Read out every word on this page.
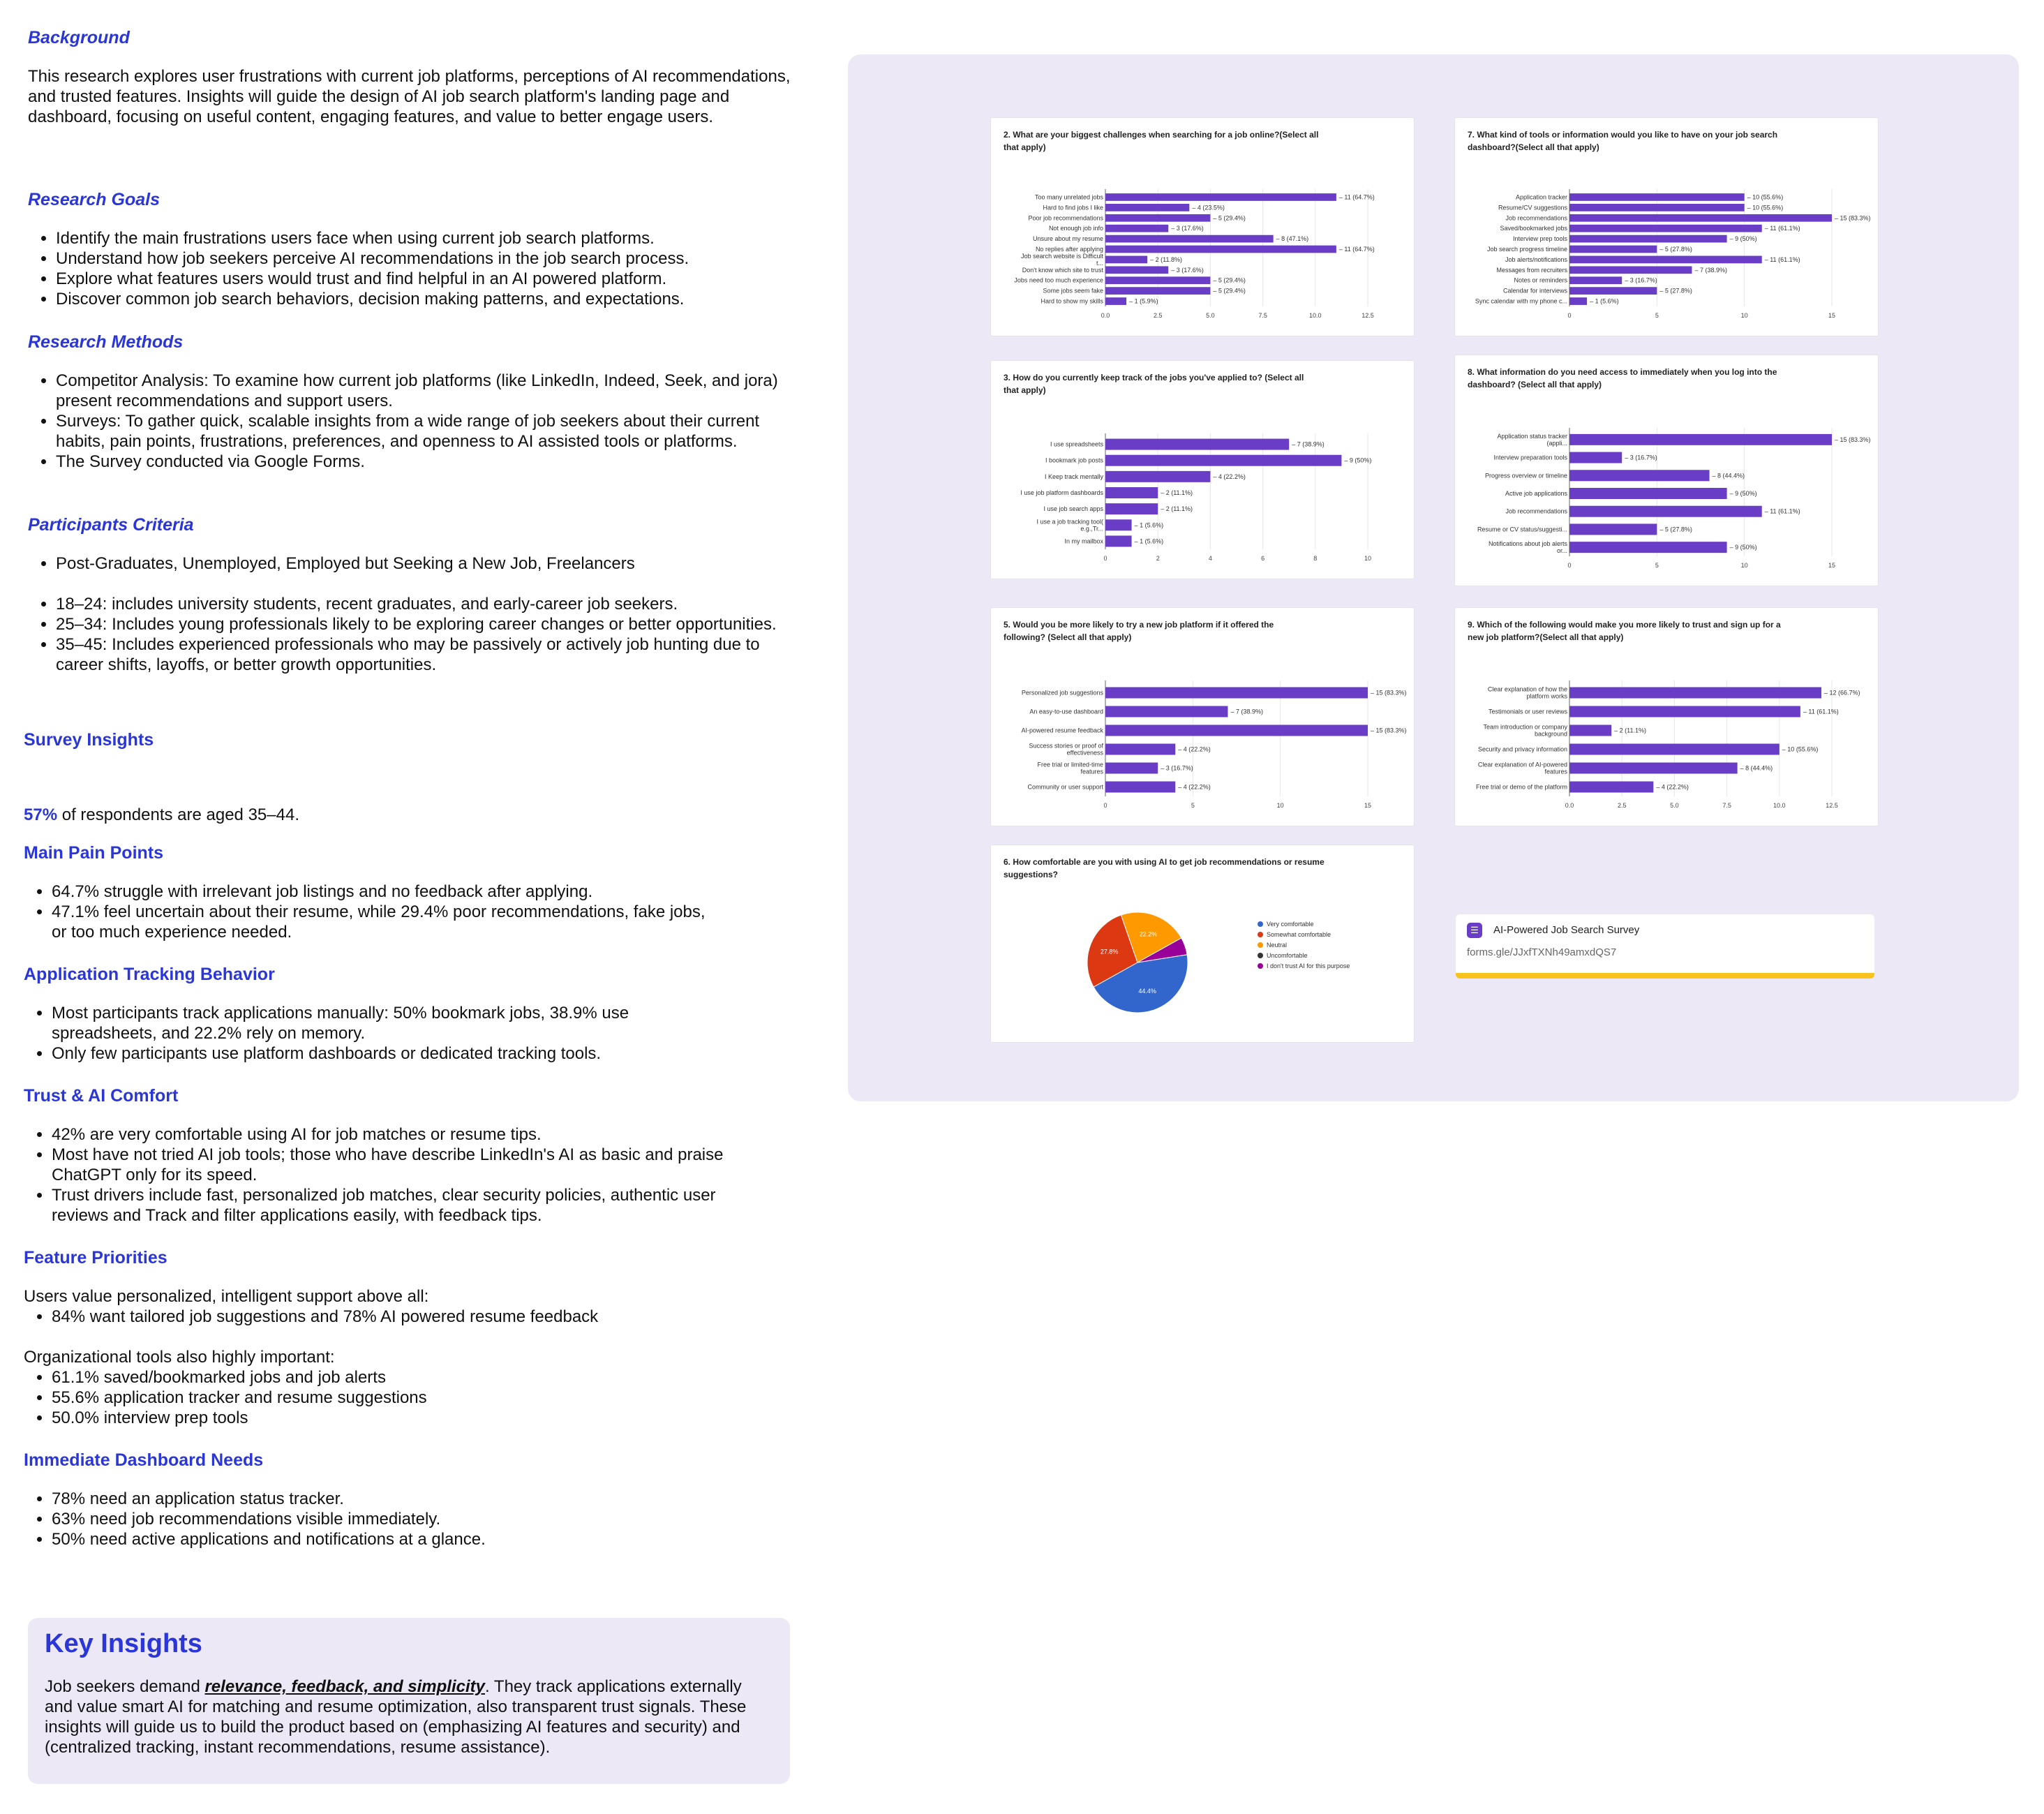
Background

This research explores user frustrations with current job platforms, perceptions of AI recommendations, and trusted features. Insights will guide the design of AI job search platform's landing page and dashboard, focusing on useful content, engaging features, and value to better engage users.

Research Goals

• Identify the main frustrations users face when using current job search platforms.
• Understand how job seekers perceive AI recommendations in the job search process.
• Explore what features users would trust and find helpful in an AI powered platform.
• Discover common job search behaviors, decision making patterns, and expectations.

Research Methods

• Competitor Analysis: To examine how current job platforms (like LinkedIn, Indeed, Seek, and jora) present recommendations and support users.
• Surveys: To gather quick, scalable insights from a wide range of job seekers about their current habits, pain points, frustrations, preferences, and openness to AI assisted tools or platforms.
• The Survey conducted via Google Forms.

Participants Criteria

• Post-Graduates, Unemployed, Employed but Seeking a New Job, Freelancers
• 18–24: includes university students, recent graduates, and early-career job seekers.
• 25–34: Includes young professionals likely to be exploring career changes or better opportunities.
• 35–45: Includes experienced professionals who may be passively or actively job hunting due to career shifts, layoffs, or better growth opportunities.

Survey Insights

57% of respondents are aged 35–44.

Main Pain Points

• 64.7% struggle with irrelevant job listings and no feedback after applying.
• 47.1% feel uncertain about their resume, while 29.4% poor recommendations, fake jobs, or too much experience needed.

Application Tracking Behavior

• Most participants track applications manually: 50% bookmark jobs, 38.9% use spreadsheets, and 22.2% rely on memory.
• Only few participants use platform dashboards or dedicated tracking tools.

Trust & AI Comfort

• 42% are very comfortable using AI for job matches or resume tips.
• Most have not tried AI job tools; those who have describe LinkedIn's AI as basic and praise ChatGPT only for its speed.
• Trust drivers include fast, personalized job matches, clear security policies, authentic user reviews and Track and filter applications easily, with feedback tips.

Feature Priorities

Users value personalized, intelligent support above all:

• 84% want tailored job suggestions and 78% AI powered resume feedback

Organizational tools also highly important:

• 61.1% saved/bookmarked jobs and job alerts
• 55.6% application tracker and resume suggestions
• 50.0% interview prep tools

Immediate Dashboard Needs

• 78% need an application status tracker.
• 63% need job recommendations visible immediately.
• 50% need active applications and notifications at a glance.
Key Insights
Job seekers demand relevance, feedback, and simplicity. They track applications externally and value smart AI for matching and resume optimization, also transparent trust signals. These insights will guide us to build the product based on (emphasizing AI features and security) and (centralized tracking, instant recommendations, resume assistance).
2. What are your biggest challenges when searching for a job online?(Select all
that apply)
0.0	2.5	5.0	7.5	10.0	12.5
Too many unrelated jobs	– 11 (64.7%)
Hard to find jobs I like	– 4 (23.5%)
Poor job recommendations	– 5 (29.4%)
Not enough job info	– 3 (17.6%)
Unsure about my resume	– 8 (47.1%)
No replies after applying	– 11 (64.7%)
Job search website is Difficult
t...	– 2 (11.8%)
Don't know which site to trust	– 3 (17.6%)
Jobs need too much experience	– 5 (29.4%)
Some jobs seem fake	– 5 (29.4%)
Hard to show my skills	– 1 (5.9%)
7. What kind of tools or information would you like to have on your job search
dashboard?(Select all that apply)
0	5	10	15
Application tracker	– 10 (55.6%)
Resume/CV suggestions	– 10 (55.6%)
Job recommendations	– 15 (83.3%)
Saved/bookmarked jobs	– 11 (61.1%)
Interview prep tools	– 9 (50%)
Job search progress timeline	– 5 (27.8%)
Job alerts/notifications	– 11 (61.1%)
Messages from recruiters	– 7 (38.9%)
Notes or reminders	– 3 (16.7%)
Calendar for interviews	– 5 (27.8%)
Sync calendar with my phone c...	– 1 (5.6%)
3. How do you currently keep track of the jobs you've applied to? (Select all
that apply)
0	2	4	6	8	10
I use spreadsheets	– 7 (38.9%)
I bookmark job posts	– 9 (50%)
I Keep track mentally	– 4 (22.2%)
I use job platform dashboards	– 2 (11.1%)
I use job search apps	– 2 (11.1%)
I use a job tracking tool(
e.g.,Tr...	– 1 (5.6%)
In my mailbox	– 1 (5.6%)
8. What information do you need access to immediately when you log into the
dashboard? (Select all that apply)
0	5	10	15
Application status tracker
(appli...
– 15 (83.3%)
Interview preparation tools	– 3 (16.7%)
Progress overview or timeline	– 8 (44.4%)
Active job applications	– 9 (50%)
Job recommendations	– 11 (61.1%)
Resume or CV status/suggesti...	– 5 (27.8%)
Notifications about job alerts
or...	– 9 (50%)
5. Would you be more likely to try a new job platform if it offered the
following? (Select all that apply)
0	5	10	15
Personalized job suggestions	– 15 (83.3%)
An easy-to-use dashboard	– 7 (38.9%)
AI-powered resume feedback	– 15 (83.3%)
Success stories or proof of
effectiveness	– 4 (22.2%)
Free trial or limited-time
features	– 3 (16.7%)
Community or user support	– 4 (22.2%)
9. Which of the following would make you more likely to trust and sign up for a
new job platform?(Select all that apply)
0.0	2.5	5.0	7.5	10.0	12.5
Clear explanation of how the
platform works	– 12 (66.7%)
Testimonials or user reviews	– 11 (61.1%)
Team introduction or company
background	– 2 (11.1%)
Security and privacy information	– 10 (55.6%)
Clear explanation of AI-powered
features	– 8 (44.4%)
Free trial or demo of the platform	– 4 (22.2%)
6. How comfortable are you with using AI to get job recommendations or resume
suggestions?
44.4%
27.8%
22.2%
Very comfortable
Somewhat comfortable
Neutral
Uncomfortable
I don't trust AI for this purpose
☰	AI-Powered Job Search Survey
forms.gle/JJxfTXNh49amxdQS7
